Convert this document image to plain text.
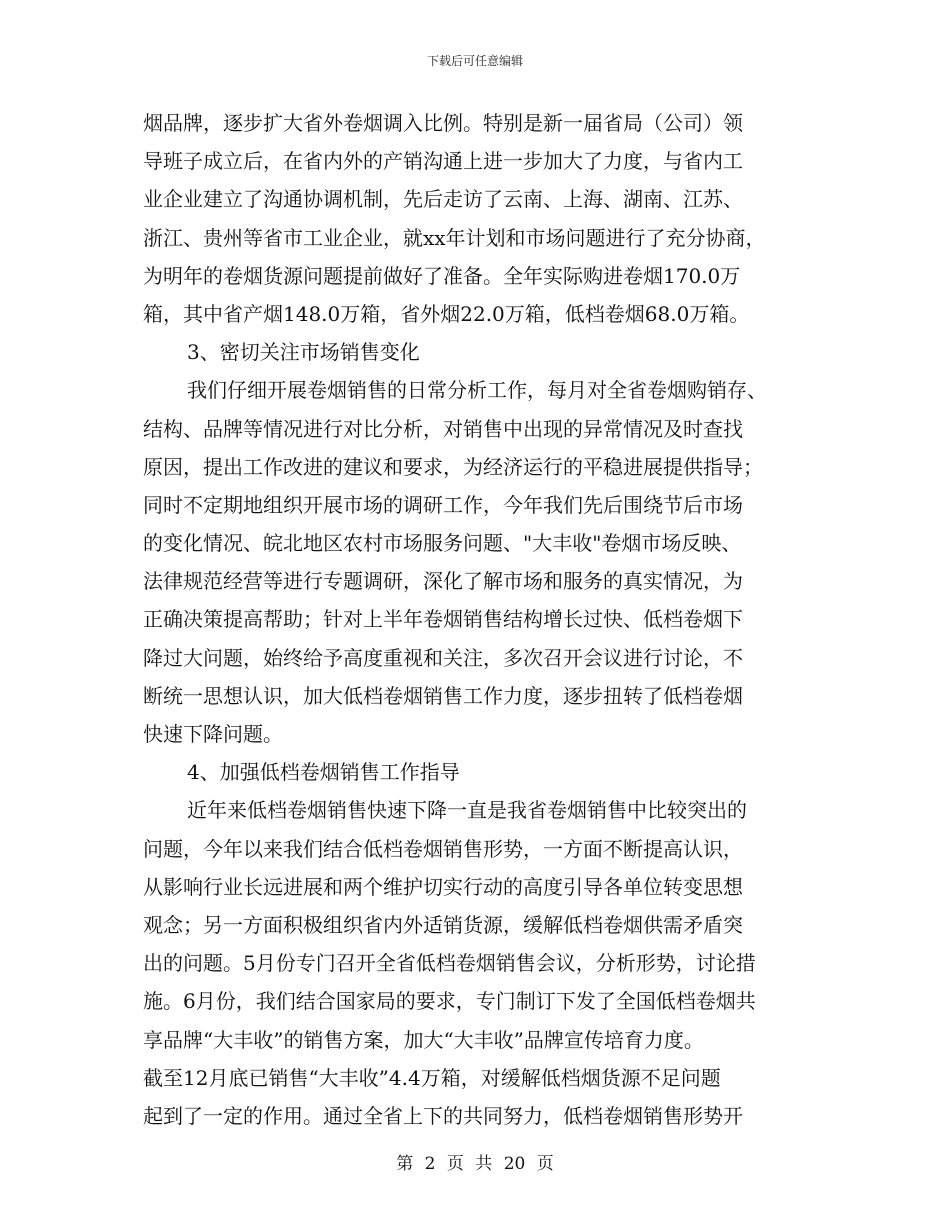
下载后可任意编辑
烟品牌，逐步扩大省外卷烟调入比例。特别是新一届省局（公司）领
导班子成立后，在省内外的产销沟通上进一步加大了力度，与省内工
业企业建立了沟通协调机制，先后走访了云南、上海、湖南、江苏、
浙江、贵州等省市工业企业，就xx年计划和市场问题进行了充分协商，
为明年的卷烟货源问题提前做好了准备。全年实际购进卷烟170.0万
箱，其中省产烟148.0万箱，省外烟22.0万箱，低档卷烟68.0万箱。
3、密切关注市场销售变化
我们仔细开展卷烟销售的日常分析工作，每月对全省卷烟购销存、
结构、品牌等情况进行对比分析，对销售中出现的异常情况及时查找
原因，提出工作改进的建议和要求，为经济运行的平稳进展提供指导；
同时不定期地组织开展市场的调研工作，今年我们先后围绕节后市场
的变化情况、皖北地区农村市场服务问题、"大丰收"卷烟市场反映、
法律规范经营等进行专题调研，深化了解市场和服务的真实情况，为
正确决策提高帮助；针对上半年卷烟销售结构增长过快、低档卷烟下
降过大问题，始终给予高度重视和关注，多次召开会议进行讨论，不
断统一思想认识，加大低档卷烟销售工作力度，逐步扭转了低档卷烟
快速下降问题。
4、加强低档卷烟销售工作指导
近年来低档卷烟销售快速下降一直是我省卷烟销售中比较突出的
问题，今年以来我们结合低档卷烟销售形势，一方面不断提高认识，
从影响行业长远进展和两个维护切实行动的高度引导各单位转变思想
观念；另一方面积极组织省内外适销货源，缓解低档卷烟供需矛盾突
出的问题。5月份专门召开全省低档卷烟销售会议，分析形势，讨论措
施。6月份，我们结合国家局的要求，专门制订下发了全国低档卷烟共
享品牌“大丰收”的销售方案，加大“大丰收”品牌宣传培育力度。
截至12月底已销售“大丰收”4.4万箱，对缓解低档烟货源不足问题
起到了一定的作用。通过全省上下的共同努力，低档卷烟销售形势开
第 2 页 共 20 页
